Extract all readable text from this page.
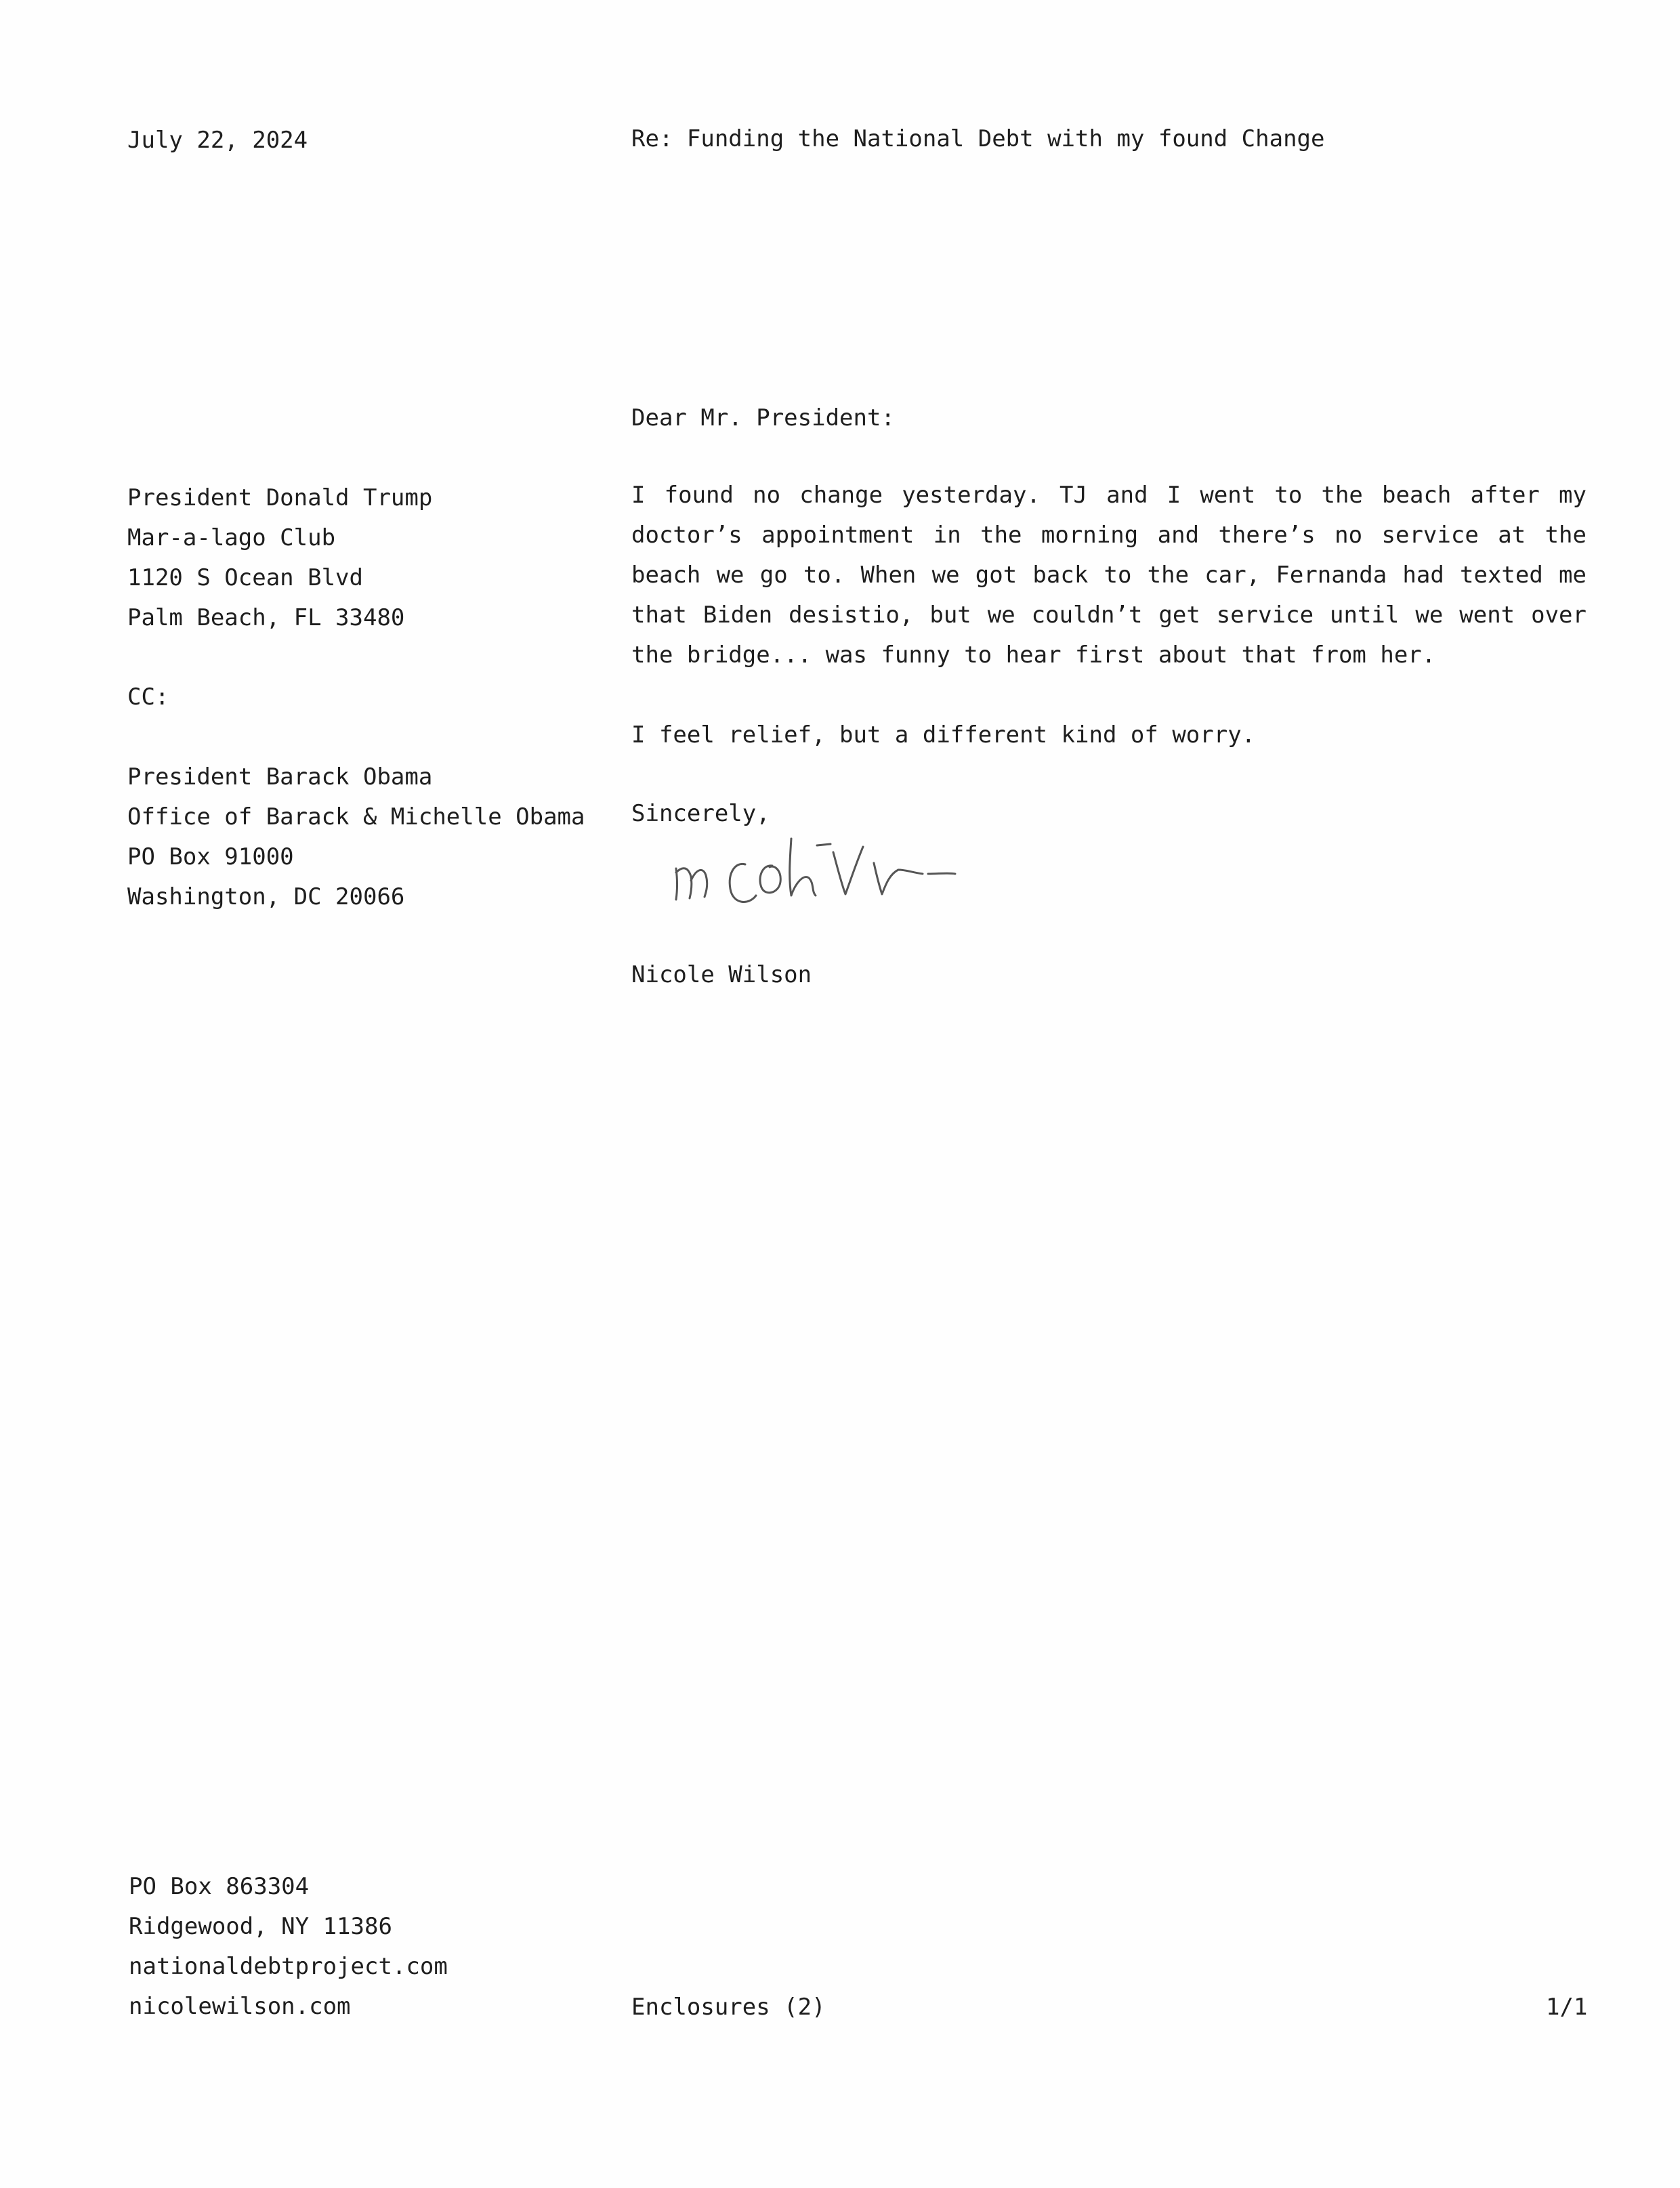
July 22, 2024	Re: Funding the National Debt with my found Change
Dear Mr. President:
President Donald Trump
Mar-a-lago Club
1120 S Ocean Blvd
Palm Beach, FL 33480
CC:
President Barack Obama
Office of Barack & Michelle Obama
PO Box 91000
Washington, DC 20066

I found no change yesterday. TJ and I went to the beach after my doctor’s appointment in the morning and there’s no service at the beach we go to. When we got back to the car, Fernanda had texted me that Biden desistio, but we couldn’t get service until we went over the bridge... was funny to hear first about that from her.

I feel relief, but a different kind of worry.
Sincerely,
Nicole Wilson
PO Box 863304
Ridgewood, NY 11386
nationaldebtproject.com
nicolewilson.com	Enclosures (2)	1/1
